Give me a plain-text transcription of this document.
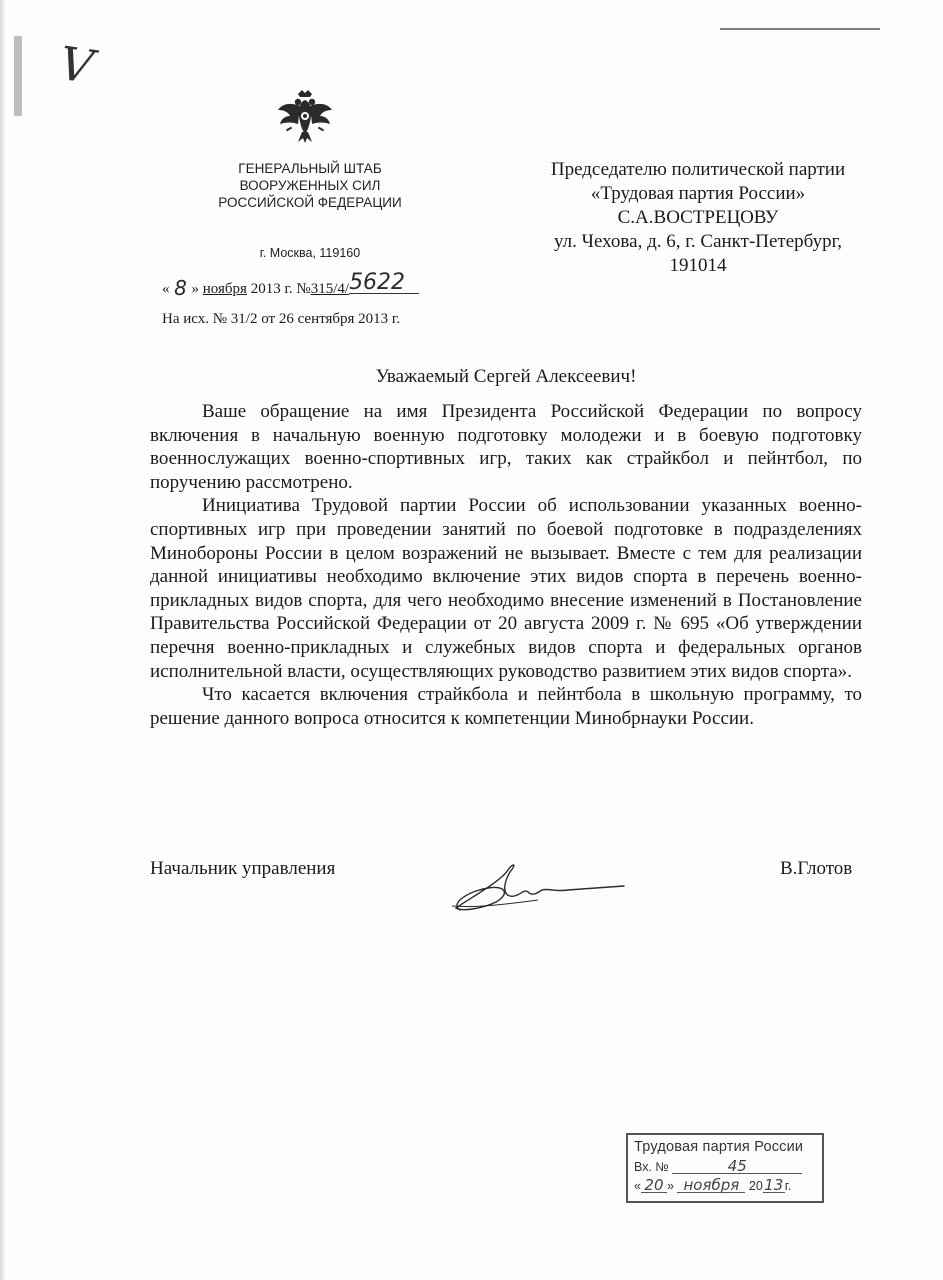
V
ГЕНЕРАЛЬНЫЙ ШТАБ
ВООРУЖЕННЫХ СИЛ
РОССИЙСКОЙ ФЕДЕРАЦИИ
г. Москва, 119160
« 8 » ноября 2013 г. №315/4/5622
На исх. № 31/2 от 26 сентября 2013 г.
Председателю политической партии
«Трудовая партия России»
С.А.ВОСТРЕЦОВУ
ул. Чехова, д. 6, г. Санкт-Петербург,
191014
Уважаемый Сергей Алексеевич!

Ваше обращение на имя Президента Российской Федерации по вопросу включения в начальную военную подготовку молодежи и в боевую подготовку военнослужащих военно-спортивных игр, таких как страйкбол и пейнтбол, по поручению рассмотрено.

Инициатива Трудовой партии России об использовании указанных военно-спортивных игр при проведении занятий по боевой подготовке в подразделениях Минобороны России в целом возражений не вызывает. Вместе с тем для реализации данной инициативы необходимо включение этих видов спорта в перечень военно-прикладных видов спорта, для чего необходимо внесение изменений в Постановление Правительства Российской Федерации от 20 августа 2009 г. № 695 «Об утверждении перечня военно-прикладных и служебных видов спорта и федеральных органов исполнительной власти, осуществляющих руководство развитием этих видов спорта».

Что касается включения страйкбола и пейнтбола в школьную программу, то решение данного вопроса относится к компетенции Минобрнауки России.

Начальник управления	В.Глотов
Трудовая партия России
Вх. №	45
« 20 » ноября 2013г.
